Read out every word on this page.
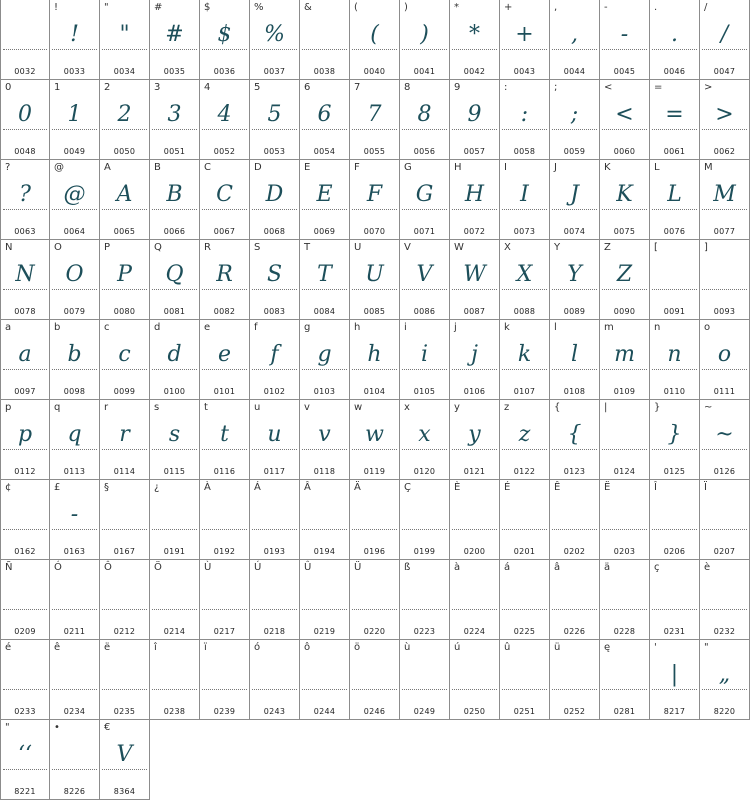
0032
!
!
0033
"
"
0034
#
#
0035
$
$
0036
%
%
0037
&
0038
(
(
0040
)
)
0041
*
*
0042
+
+
0043
,
,
0044
-
-
0045
.
.
0046
/
/
0047
0
0
0048
1
1
0049
2
2
0050
3
3
0051
4
4
0052
5
5
0053
6
6
0054
7
7
0055
8
8
0056
9
9
0057
:
:
0058
;
;
0059
<
<
0060
=
=
0061
>
>
0062
?
?
0063
@
@
0064
A
A
0065
B
B
0066
C
C
0067
D
D
0068
E
E
0069
F
F
0070
G
G
0071
H
H
0072
I
I
0073
J
J
0074
K
K
0075
L
L
0076
M
M
0077
N
N
0078
O
O
0079
P
P
0080
Q
Q
0081
R
R
0082
S
S
0083
T
T
0084
U
U
0085
V
V
0086
W
W
0087
X
X
0088
Y
Y
0089
Z
Z
0090
[
0091
]
0093
a
a
0097
b
b
0098
c
c
0099
d
d
0100
e
e
0101
f
f
0102
g
g
0103
h
h
0104
i
i
0105
j
j
0106
k
k
0107
l
l
0108
m
m
0109
n
n
0110
o
o
0111
p
p
0112
q
q
0113
r
r
0114
s
s
0115
t
t
0116
u
u
0117
v
v
0118
w
w
0119
x
x
0120
y
y
0121
z
z
0122
{
{
0123
|
0124
}
}
0125
~
~
0126
¢
0162
£
-
0163
§
0167
¿
0191
À
0192
Á
0193
Â
0194
Ä
0196
Ç
0199
È
0200
É
0201
Ê
0202
Ë
0203
Î
0206
Ï
0207
Ñ
0209
Ó
0211
Ô
0212
Ö
0214
Ù
0217
Ú
0218
Û
0219
Ü
0220
ß
0223
à
0224
á
0225
â
0226
ä
0228
ç
0231
è
0232
é
0233
ê
0234
ë
0235
î
0238
ï
0239
ó
0243
ô
0244
ö
0246
ù
0249
ú
0250
û
0251
ü
0252
ę
0281
'
|
8217
"
„
8220
"
‘‘
8221
•
8226
€
V
8364
